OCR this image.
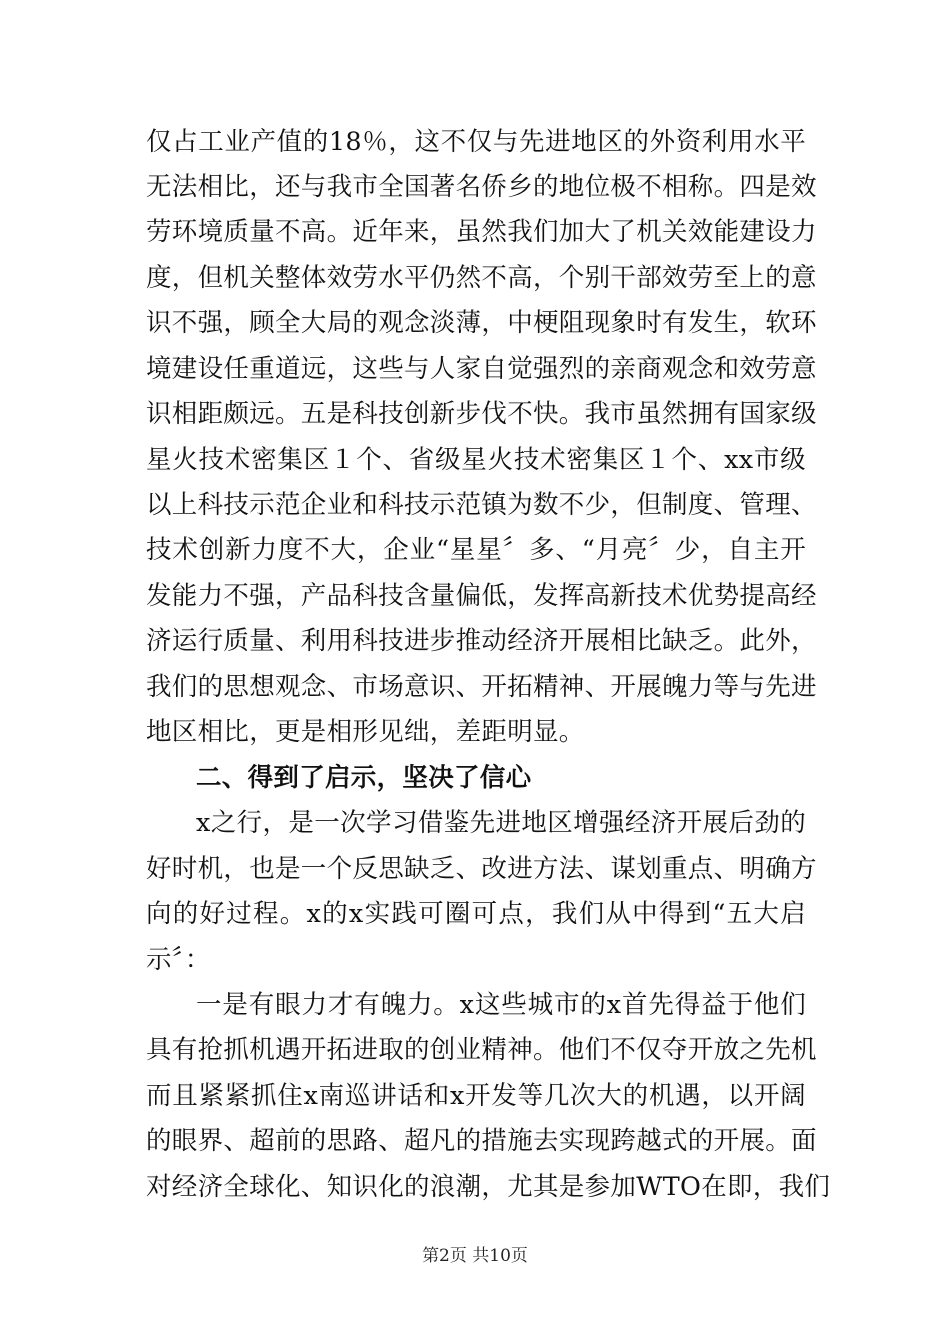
仅占工业产值的18％，这不仅与先进地区的外资利用水平
无法相比，还与我市全国著名侨乡的地位极不相称。四是效
劳环境质量不高。近年来，虽然我们加大了机关效能建设力
度，但机关整体效劳水平仍然不高，个别干部效劳至上的意
识不强，顾全大局的观念淡薄，中梗阻现象时有发生，软环
境建设任重道远，这些与人家自觉强烈的亲商观念和效劳意
识相距颇远。五是科技创新步伐不快。我市虽然拥有国家级
星火技术密集区１个、省级星火技术密集区１个、xx市级
以上科技示范企业和科技示范镇为数不少，但制度、管理、
技术创新力度不大，企业“星星〞多、“月亮〞少，自主开
发能力不强，产品科技含量偏低，发挥高新技术优势提高经
济运行质量、利用科技进步推动经济开展相比缺乏。此外，
我们的思想观念、市场意识、开拓精神、开展魄力等与先进
地区相比，更是相形见绌，差距明显。
二、得到了启示，坚决了信心
x之行，是一次学习借鉴先进地区增强经济开展后劲的
好时机，也是一个反思缺乏、改进方法、谋划重点、明确方
向的好过程。x的x实践可圈可点，我们从中得到“五大启
示〞：
一是有眼力才有魄力。x这些城市的x首先得益于他们
具有抢抓机遇开拓进取的创业精神。他们不仅夺开放之先机
而且紧紧抓住x南巡讲话和x开发等几次大的机遇，以开阔
的眼界、超前的思路、超凡的措施去实现跨越式的开展。面
对经济全球化、知识化的浪潮，尤其是参加WTO在即，我们
第2页 共10页
